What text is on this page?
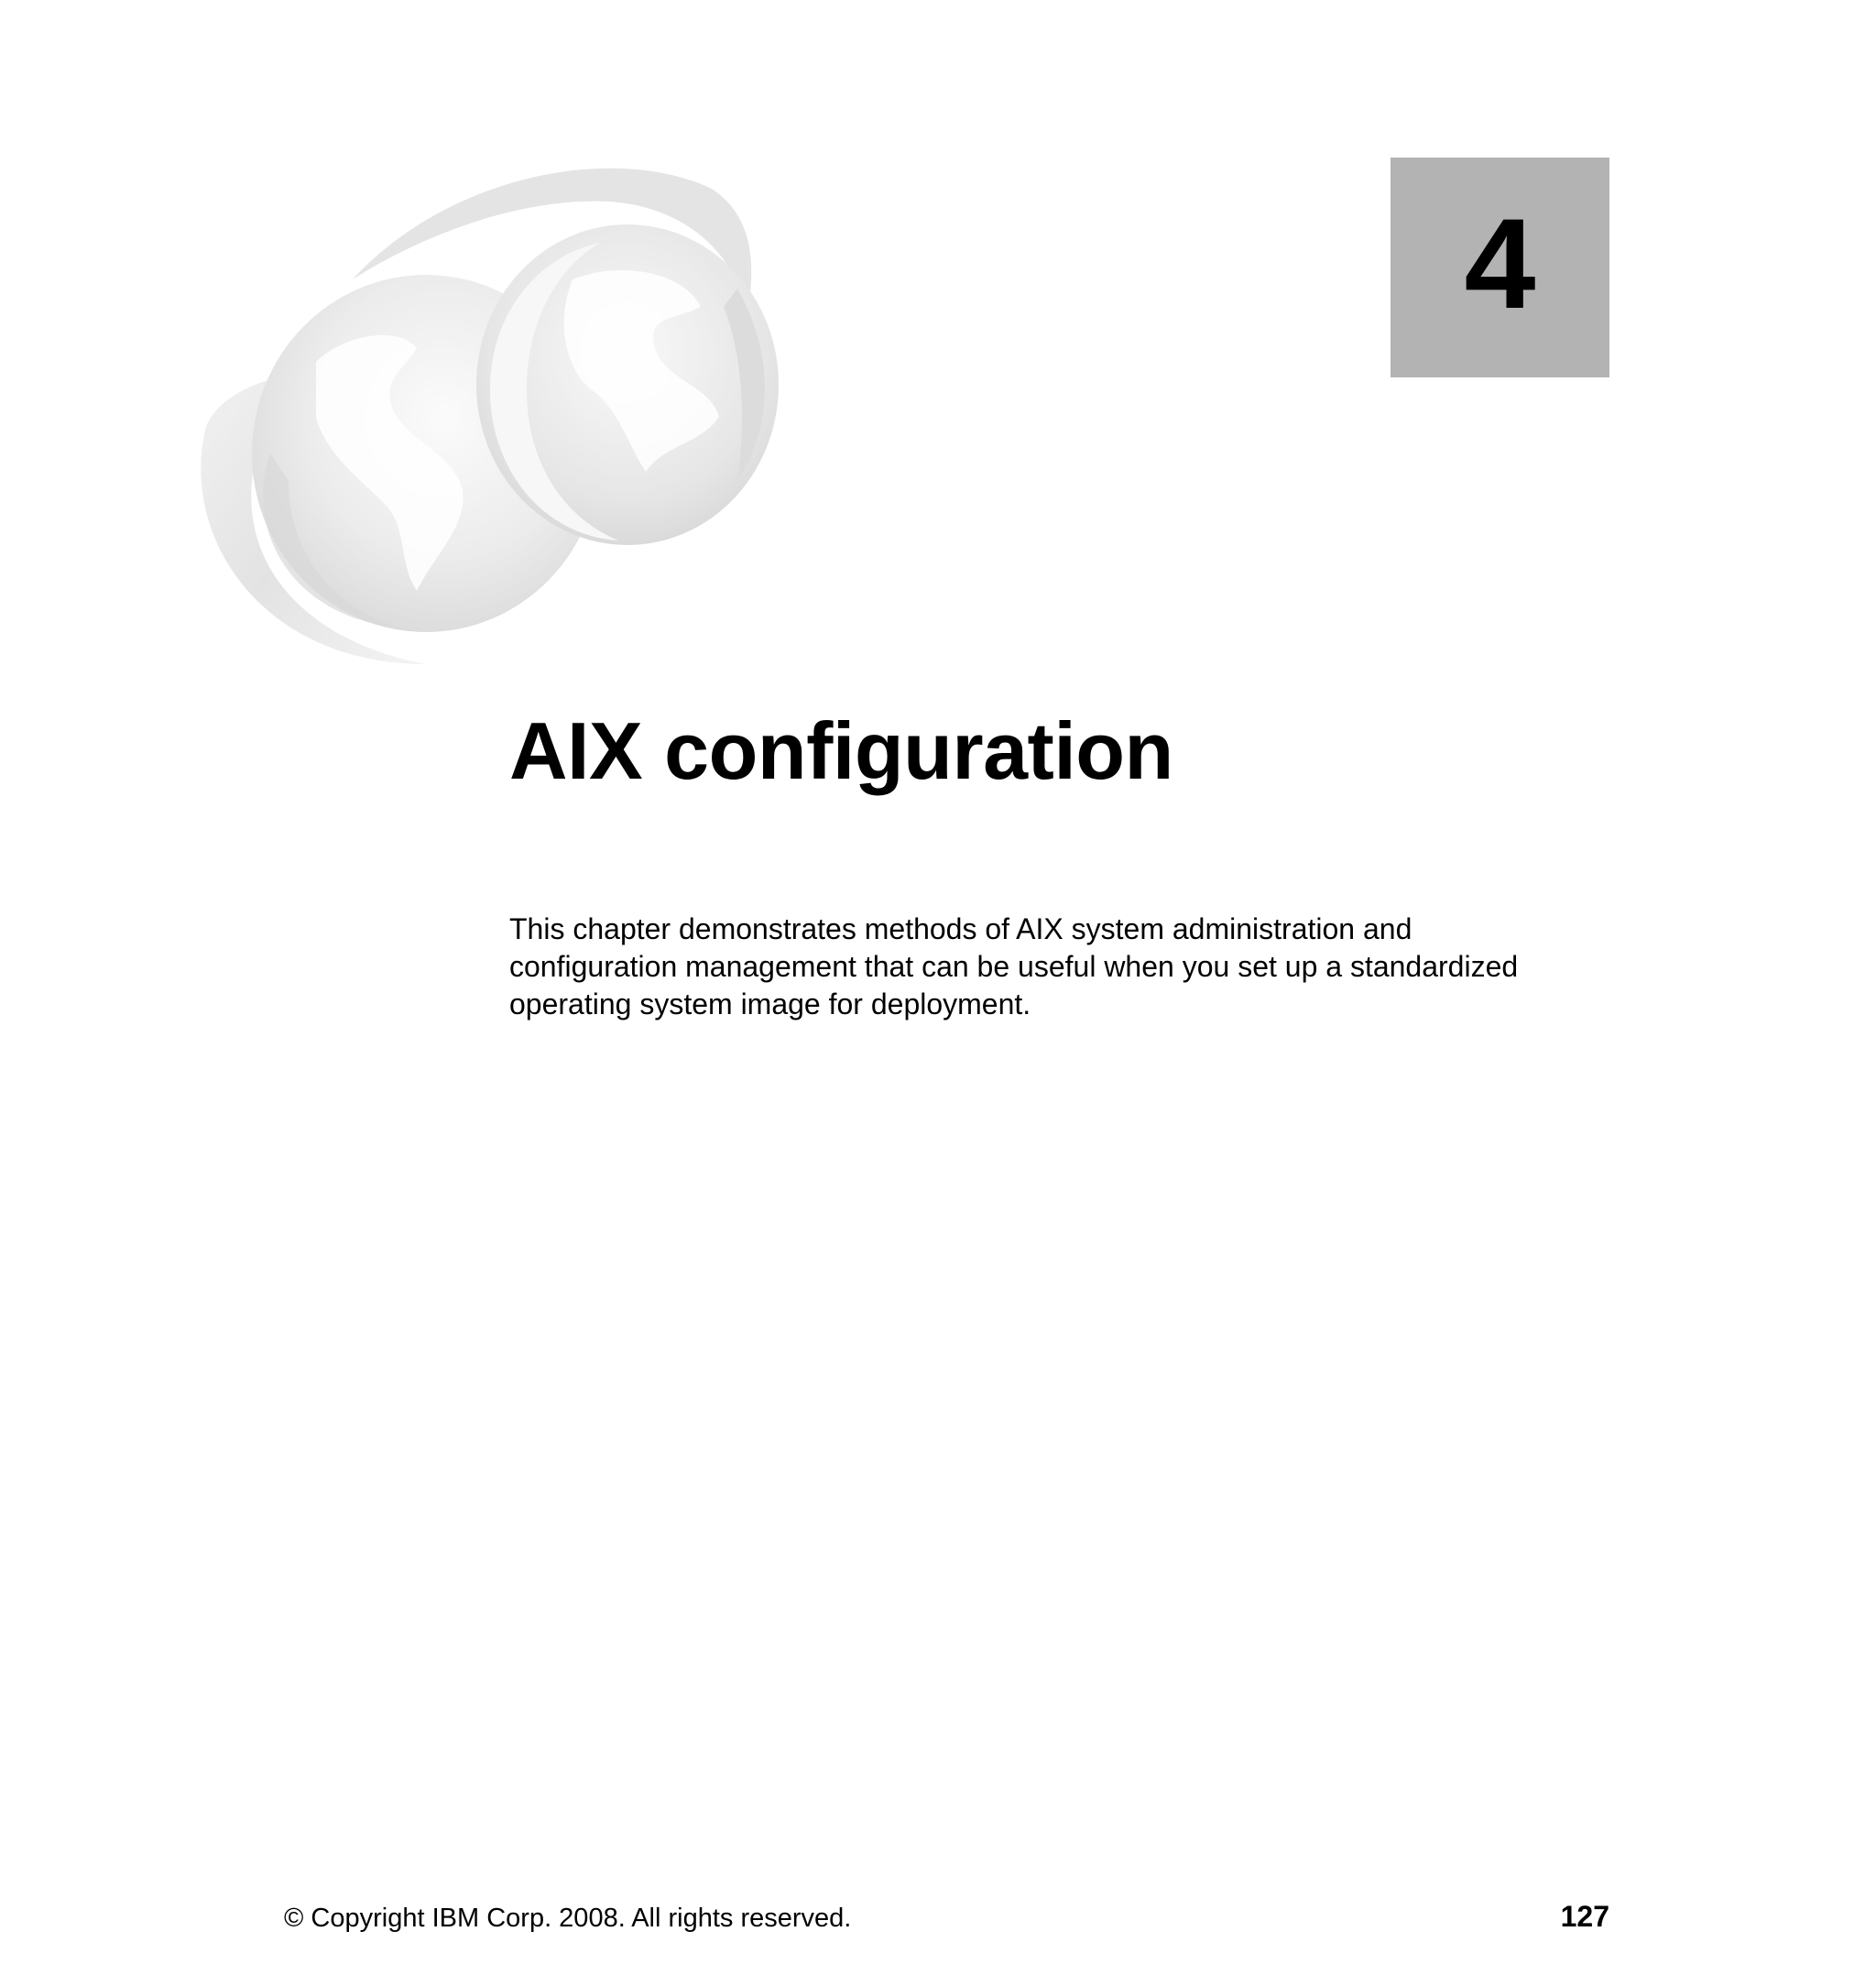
4
AIX configuration

This chapter demonstrates methods of AIX system administration and
configuration management that can be useful when you set up a standardized
operating system image for deployment.

© Copyright IBM Corp. 2008. All rights reserved.	127
